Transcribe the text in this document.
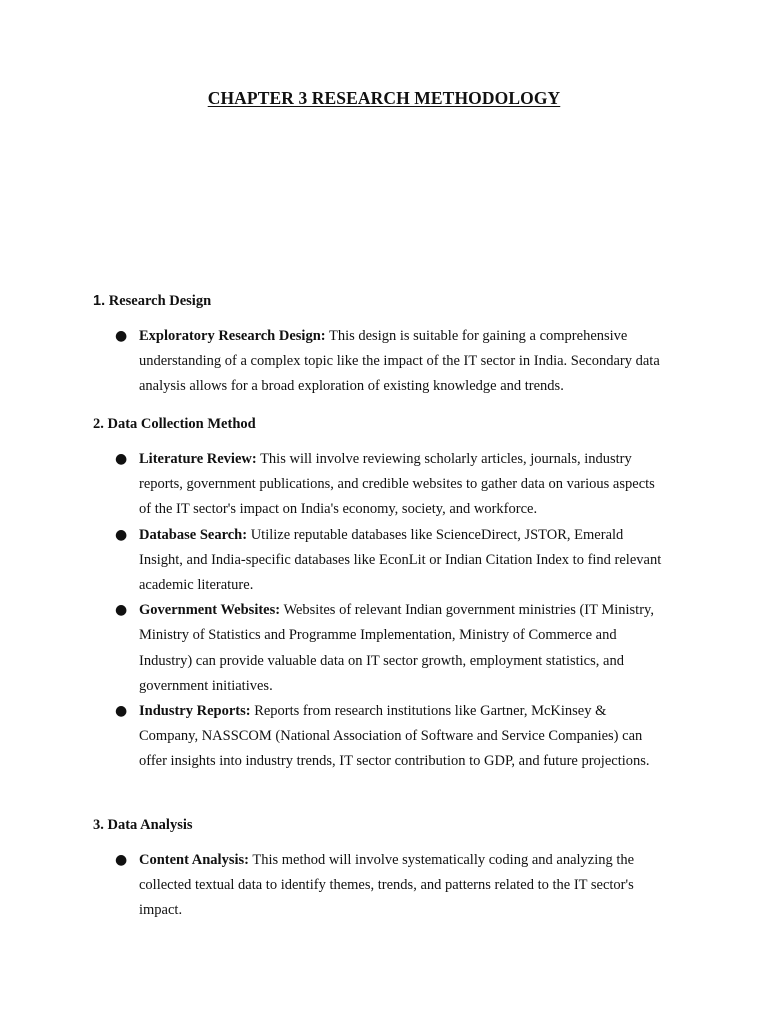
CHAPTER 3 RESEARCH METHODOLOGY

1. Research Design

● Exploratory Research Design: This design is suitable for gaining a comprehensive understanding of a complex topic like the impact of the IT sector in India. Secondary data analysis allows for a broad exploration of existing knowledge and trends.

2. Data Collection Method

● Literature Review: This will involve reviewing scholarly articles, journals, industry reports, government publications, and credible websites to gather data on various aspects of the IT sector's impact on India's economy, society, and workforce.
● Database Search: Utilize reputable databases like ScienceDirect, JSTOR, Emerald Insight, and India-specific databases like EconLit or Indian Citation Index to find relevant academic literature.
● Government Websites: Websites of relevant Indian government ministries (IT Ministry, Ministry of Statistics and Programme Implementation, Ministry of Commerce and Industry) can provide valuable data on IT sector growth, employment statistics, and government initiatives.
● Industry Reports: Reports from research institutions like Gartner, McKinsey & Company, NASSCOM (National Association of Software and Service Companies) can offer insights into industry trends, IT sector contribution to GDP, and future projections.

3. Data Analysis

● Content Analysis: This method will involve systematically coding and analyzing the collected textual data to identify themes, trends, and patterns related to the IT sector's impact.
